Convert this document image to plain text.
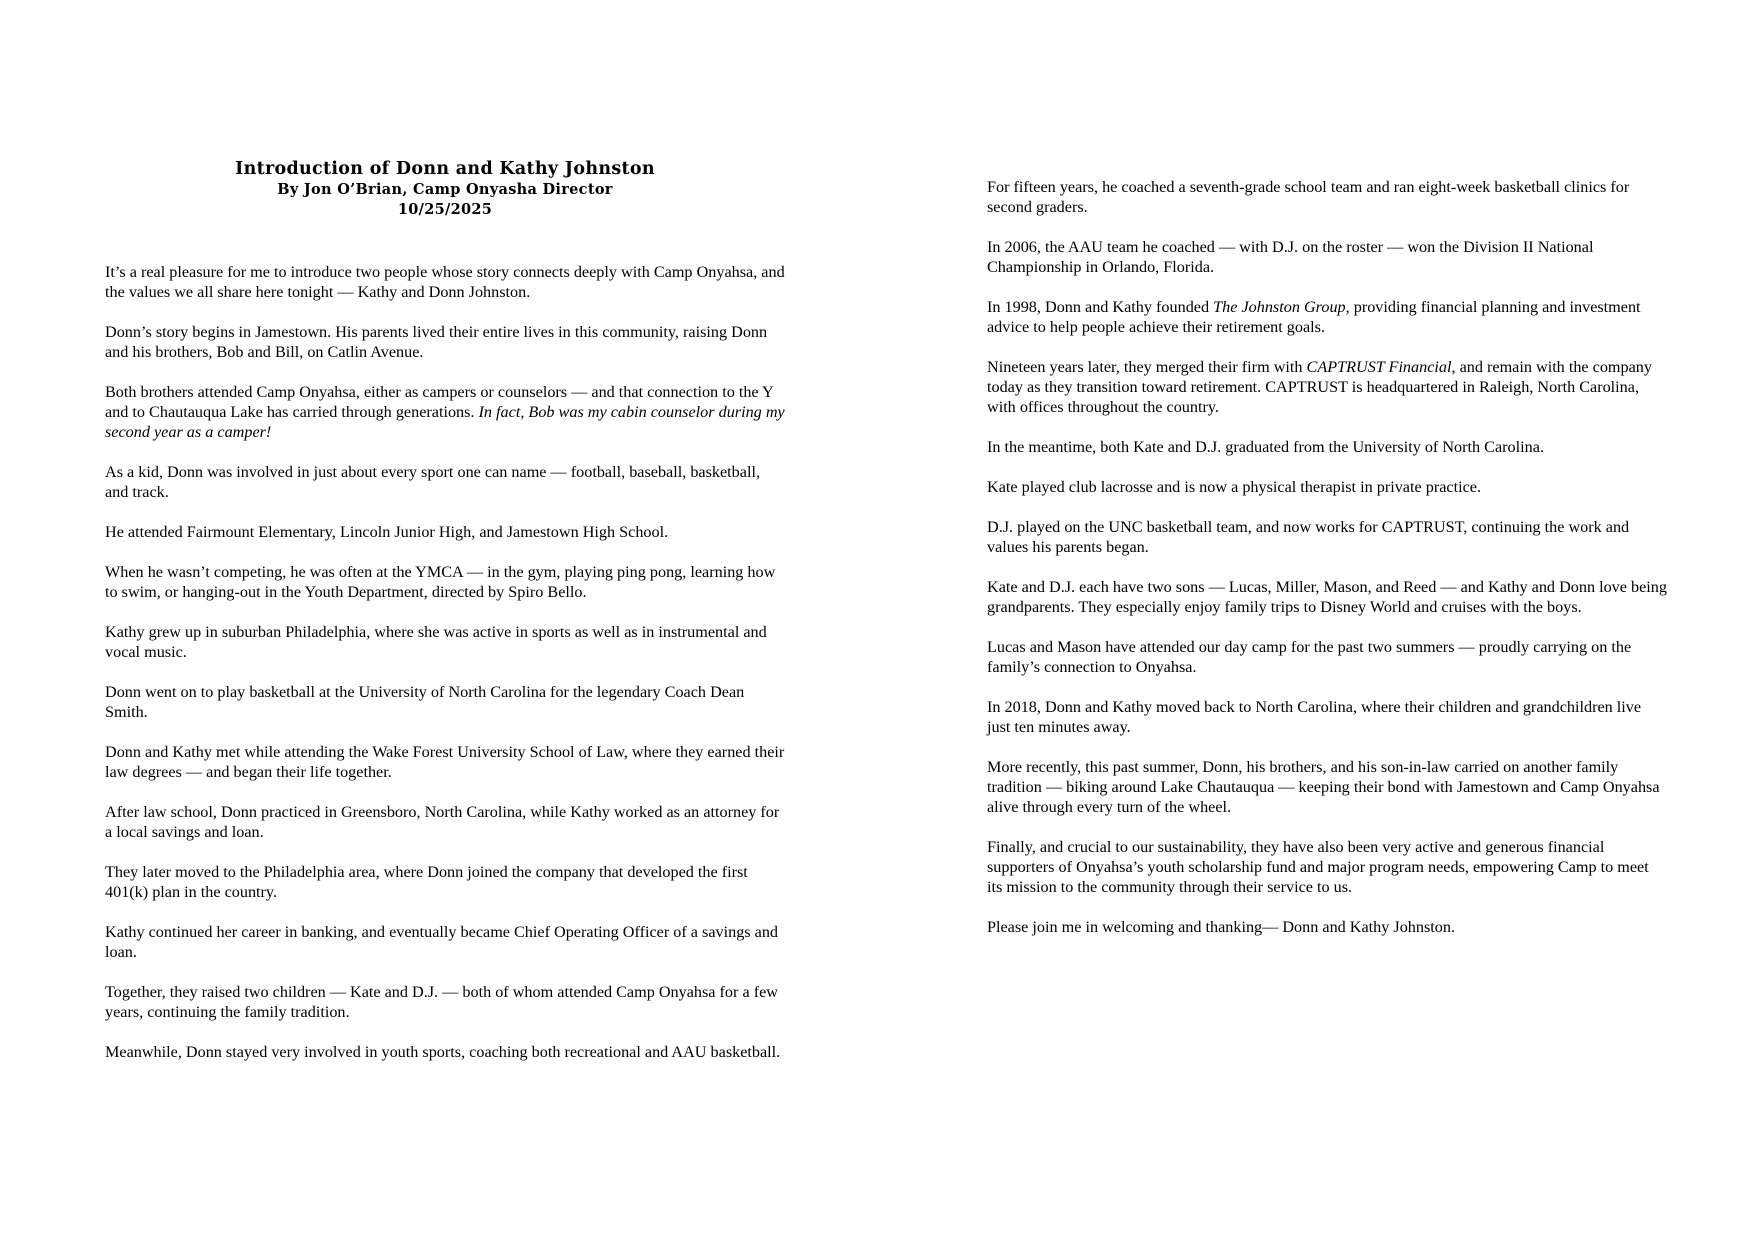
Introduction of Donn and Kathy Johnston
By Jon O’Brian, Camp Onyasha Director
10/25/2025

It’s a real pleasure for me to introduce two people whose story connects deeply with Camp Onyahsa, and the values we all share here tonight — Kathy and Donn Johnston.

Donn’s story begins in Jamestown. His parents lived their entire lives in this community, raising Donn and his brothers, Bob and Bill, on Catlin Avenue.

Both brothers attended Camp Onyahsa, either as campers or counselors — and that connection to the Y and to Chautauqua Lake has carried through generations. In fact, Bob was my cabin counselor during my second year as a camper!

As a kid, Donn was involved in just about every sport one can name — football, baseball, basketball, and track.

He attended Fairmount Elementary, Lincoln Junior High, and Jamestown High School.

When he wasn’t competing, he was often at the YMCA — in the gym, playing ping pong, learning how to swim, or hanging-out in the Youth Department, directed by Spiro Bello.

Kathy grew up in suburban Philadelphia, where she was active in sports as well as in instrumental and vocal music.

Donn went on to play basketball at the University of North Carolina for the legendary Coach Dean Smith.

Donn and Kathy met while attending the Wake Forest University School of Law, where they earned their law degrees — and began their life together.

After law school, Donn practiced in Greensboro, North Carolina, while Kathy worked as an attorney for a local savings and loan.

They later moved to the Philadelphia area, where Donn joined the company that developed the first 401(k) plan in the country.

Kathy continued her career in banking, and eventually became Chief Operating Officer of a savings and loan.

Together, they raised two children — Kate and D.J. — both of whom attended Camp Onyahsa for a few years, continuing the family tradition.

Meanwhile, Donn stayed very involved in youth sports, coaching both recreational and AAU basketball.

For fifteen years, he coached a seventh-grade school team and ran eight-week basketball clinics for second graders.

In 2006, the AAU team he coached — with D.J. on the roster — won the Division II National Championship in Orlando, Florida.

In 1998, Donn and Kathy founded The Johnston Group, providing financial planning and investment advice to help people achieve their retirement goals.

Nineteen years later, they merged their firm with CAPTRUST Financial, and remain with the company today as they transition toward retirement. CAPTRUST is headquartered in Raleigh, North Carolina, with offices throughout the country.

In the meantime, both Kate and D.J. graduated from the University of North Carolina.

Kate played club lacrosse and is now a physical therapist in private practice.

D.J. played on the UNC basketball team, and now works for CAPTRUST, continuing the work and values his parents began.

Kate and D.J. each have two sons — Lucas, Miller, Mason, and Reed — and Kathy and Donn love being grandparents. They especially enjoy family trips to Disney World and cruises with the boys.

Lucas and Mason have attended our day camp for the past two summers — proudly carrying on the family’s connection to Onyahsa.

In 2018, Donn and Kathy moved back to North Carolina, where their children and grandchildren live just ten minutes away.

More recently, this past summer, Donn, his brothers, and his son-in-law carried on another family tradition — biking around Lake Chautauqua — keeping their bond with Jamestown and Camp Onyahsa alive through every turn of the wheel.

Finally, and crucial to our sustainability, they have also been very active and generous financial supporters of Onyahsa’s youth scholarship fund and major program needs, empowering Camp to meet its mission to the community through their service to us.

Please join me in welcoming and thanking— Donn and Kathy Johnston.
